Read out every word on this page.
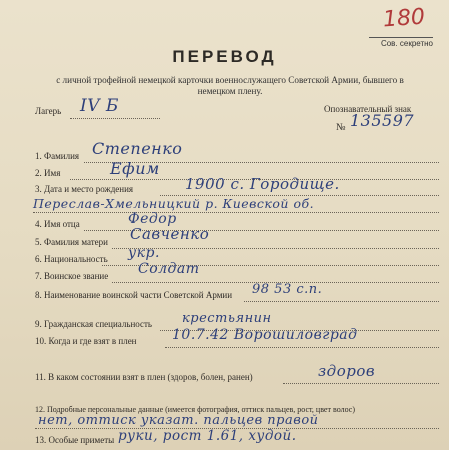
180
Сов. секретно
ПЕРЕВОД
с личной трофейной немецкой карточки военнослужащего Советской Армии, бывшего в немецком плену.
Лагерь IV Б	Опознавательный знак
№ 135597
1. Фамилия Степенко
2. Имя	Ефим
3. Дата и место рождения	1900 с. Городище.
Переслав-Хмельницкий р. Киевской об.
4. Имя отца	Федор
5. Фамилия матери Савченко
6. Национальность укр.
7. Воинское звание Солдат
8. Наименование воинской части Советской Армии 98 53 с.п.
9. Гражданская специальность крестьянин
10. Когда и где взят в плен	10.7.42 Ворошиловград
11. В каком состоянии взят в плен (здоров, болен, ранен)	здоров
12. Подробные персональные данные (имеется фотография, оттиск пальцев, рост, цвет волос)
нет, оттиск указат. пальцев правой
13. Особые приметы руки, рост 1.61, худой.
